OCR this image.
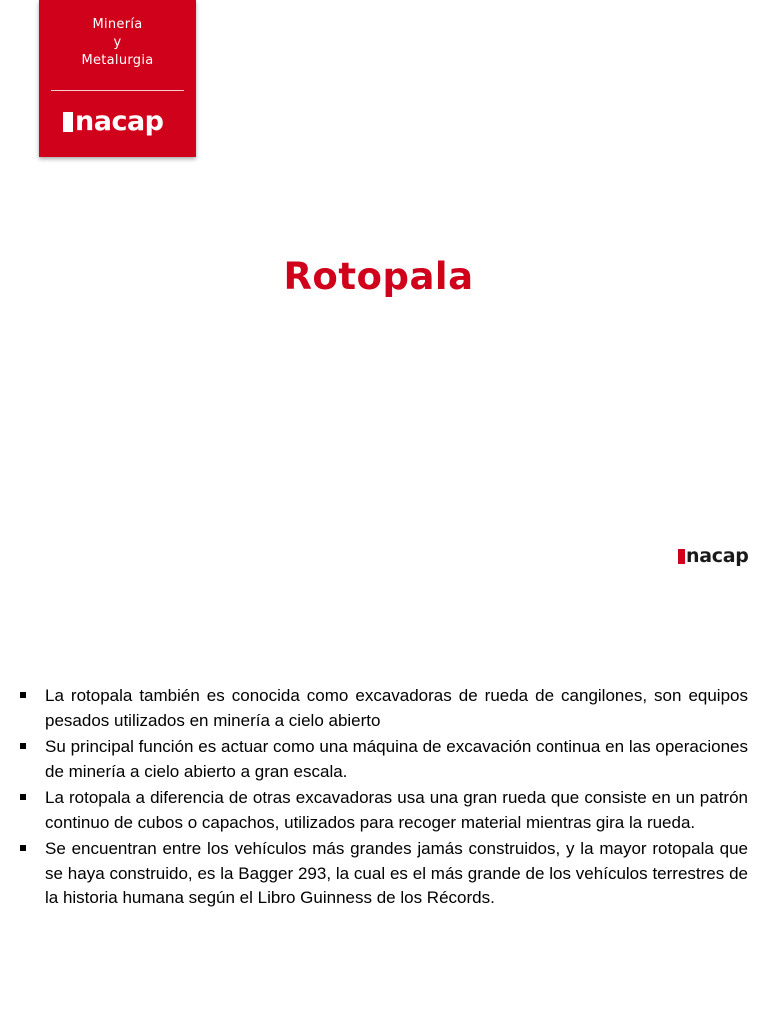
Minería
y
Metalurgia
nacap
Rotopala
nacap
La rotopala también es conocida como excavadoras de rueda de cangilones, son equipos pesados utilizados en minería a cielo abierto
Su principal función es actuar como una máquina de excavación continua en las operaciones de minería a cielo abierto a gran escala.
La rotopala a diferencia de otras excavadoras usa una gran rueda que consiste en un patrón continuo de cubos o capachos, utilizados para recoger material mientras gira la rueda.
Se encuentran entre los vehículos más grandes jamás construidos, y la mayor rotopala que se haya construido, es la Bagger 293, la cual es el más grande de los vehículos terrestres de la historia humana según el Libro Guinness de los Récords.
